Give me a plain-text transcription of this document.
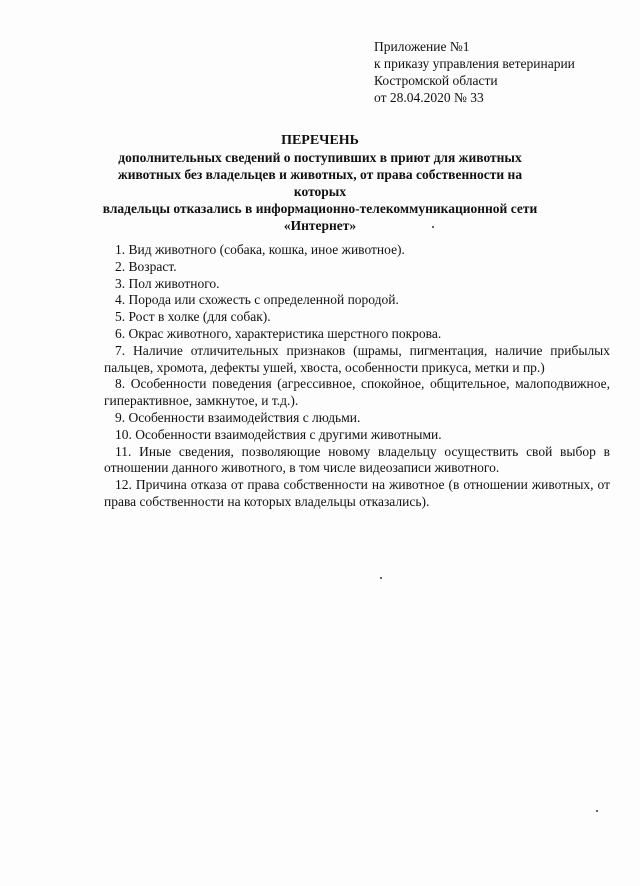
Приложение №1
к приказу управления ветеринарии
Костромской области
от 28.04.2020 № 33
ПЕРЕЧЕНЬ
дополнительных сведений о поступивших в приют для животных
животных без владельцев и животных, от права собственности на которых
владельцы отказались в информационно-телекоммуникационной сети
«Интернет»

1. Вид животного (собака, кошка, иное животное).

2. Возраст.

3. Пол животного.

4. Порода или схожесть с определенной породой.

5. Рост в холке (для собак).

6. Окрас животного, характеристика шерстного покрова.

7. Наличие отличительных признаков (шрамы, пигментация, наличие прибылых пальцев, хромота, дефекты ушей, хвоста, особенности прикуса, метки и пр.)

8. Особенности поведения (агрессивное, спокойное, общительное, малоподвижное, гиперактивное, замкнутое, и т.д.).

9. Особенности взаимодействия с людьми.

10. Особенности взаимодействия с другими животными.

11. Иные сведения, позволяющие новому владельцу осуществить свой выбор в отношении данного животного, в том числе видеозаписи животного.

12. Причина отказа от права собственности на животное (в отношении животных, от права собственности на которых владельцы отказались).
